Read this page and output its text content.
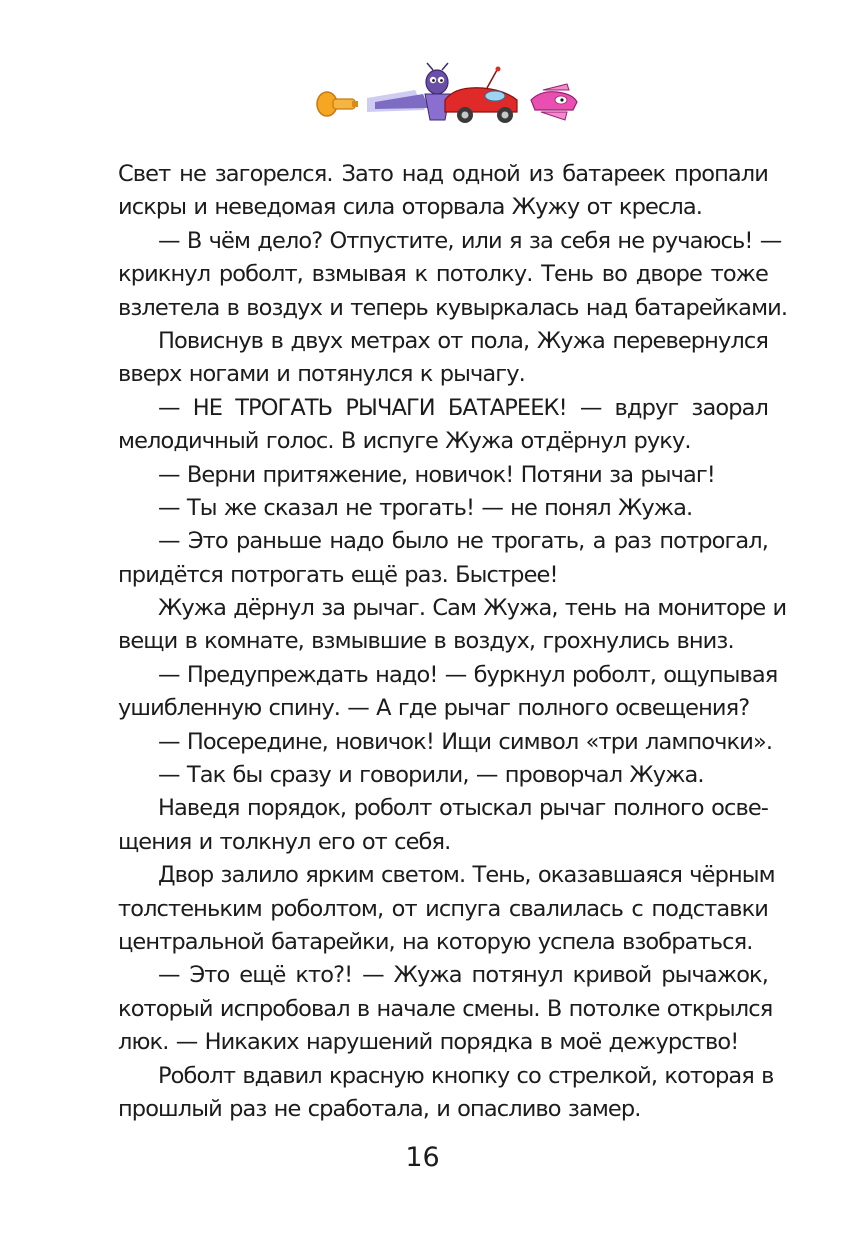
Свет не загорелся. Зато над одной из батареек пропали
искры и неведомая сила оторвала Жужу от кресла.
— В чём дело? Отпустите, или я за себя не ручаюсь! —
крикнул робoлт, взмывая к потолку. Тень во дворе тоже
взлетела в воздух и теперь кувыркалась над батарейками.
Повиснув в двух метрах от пола, Жужа перевернулся
вверх ногами и потянулся к рычагу.
— НЕ ТРОГАТЬ РЫЧАГИ БАТАРЕЕК! — вдруг заорал
мелодичный голос. В испуге Жужа отдёрнул руку.
— Верни притяжение, новичок! Потяни за рычаг!
— Ты же сказал не трогать! — не понял Жужа.
— Это раньше надо было не трогать, а раз потрогал,
придётся потрогать ещё раз. Быстрее!
Жужа дёрнул за рычаг. Сам Жужа, тень на мониторе и
вещи в комнате, взмывшие в воздух, грохнулись вниз.
— Предупреждать надо! — буркнул робoлт, ощупывая
ушибленную спину. — А где рычаг полного освещения?
— Посередине, новичок! Ищи символ «три лампочки».
— Так бы сразу и говорили, — проворчал Жужа.
Наведя порядок, робoлт отыскал рычаг полного осве-
щения и толкнул его от себя.
Двор залило ярким светом. Тень, оказавшаяся чёрным
толстеньким робoлтом, от испуга свалилась с подставки
центральной батарейки, на которую успела взобраться.
— Это ещё кто?! — Жужа потянул кривой рычажок,
который испробовал в начале смены. В потолке открылся
люк. — Никаких нарушений порядка в моё дежурство!
Робoлт вдавил красную кнопку со стрелкой, которая в
прошлый раз не сработала, и опасливо замер.
16
